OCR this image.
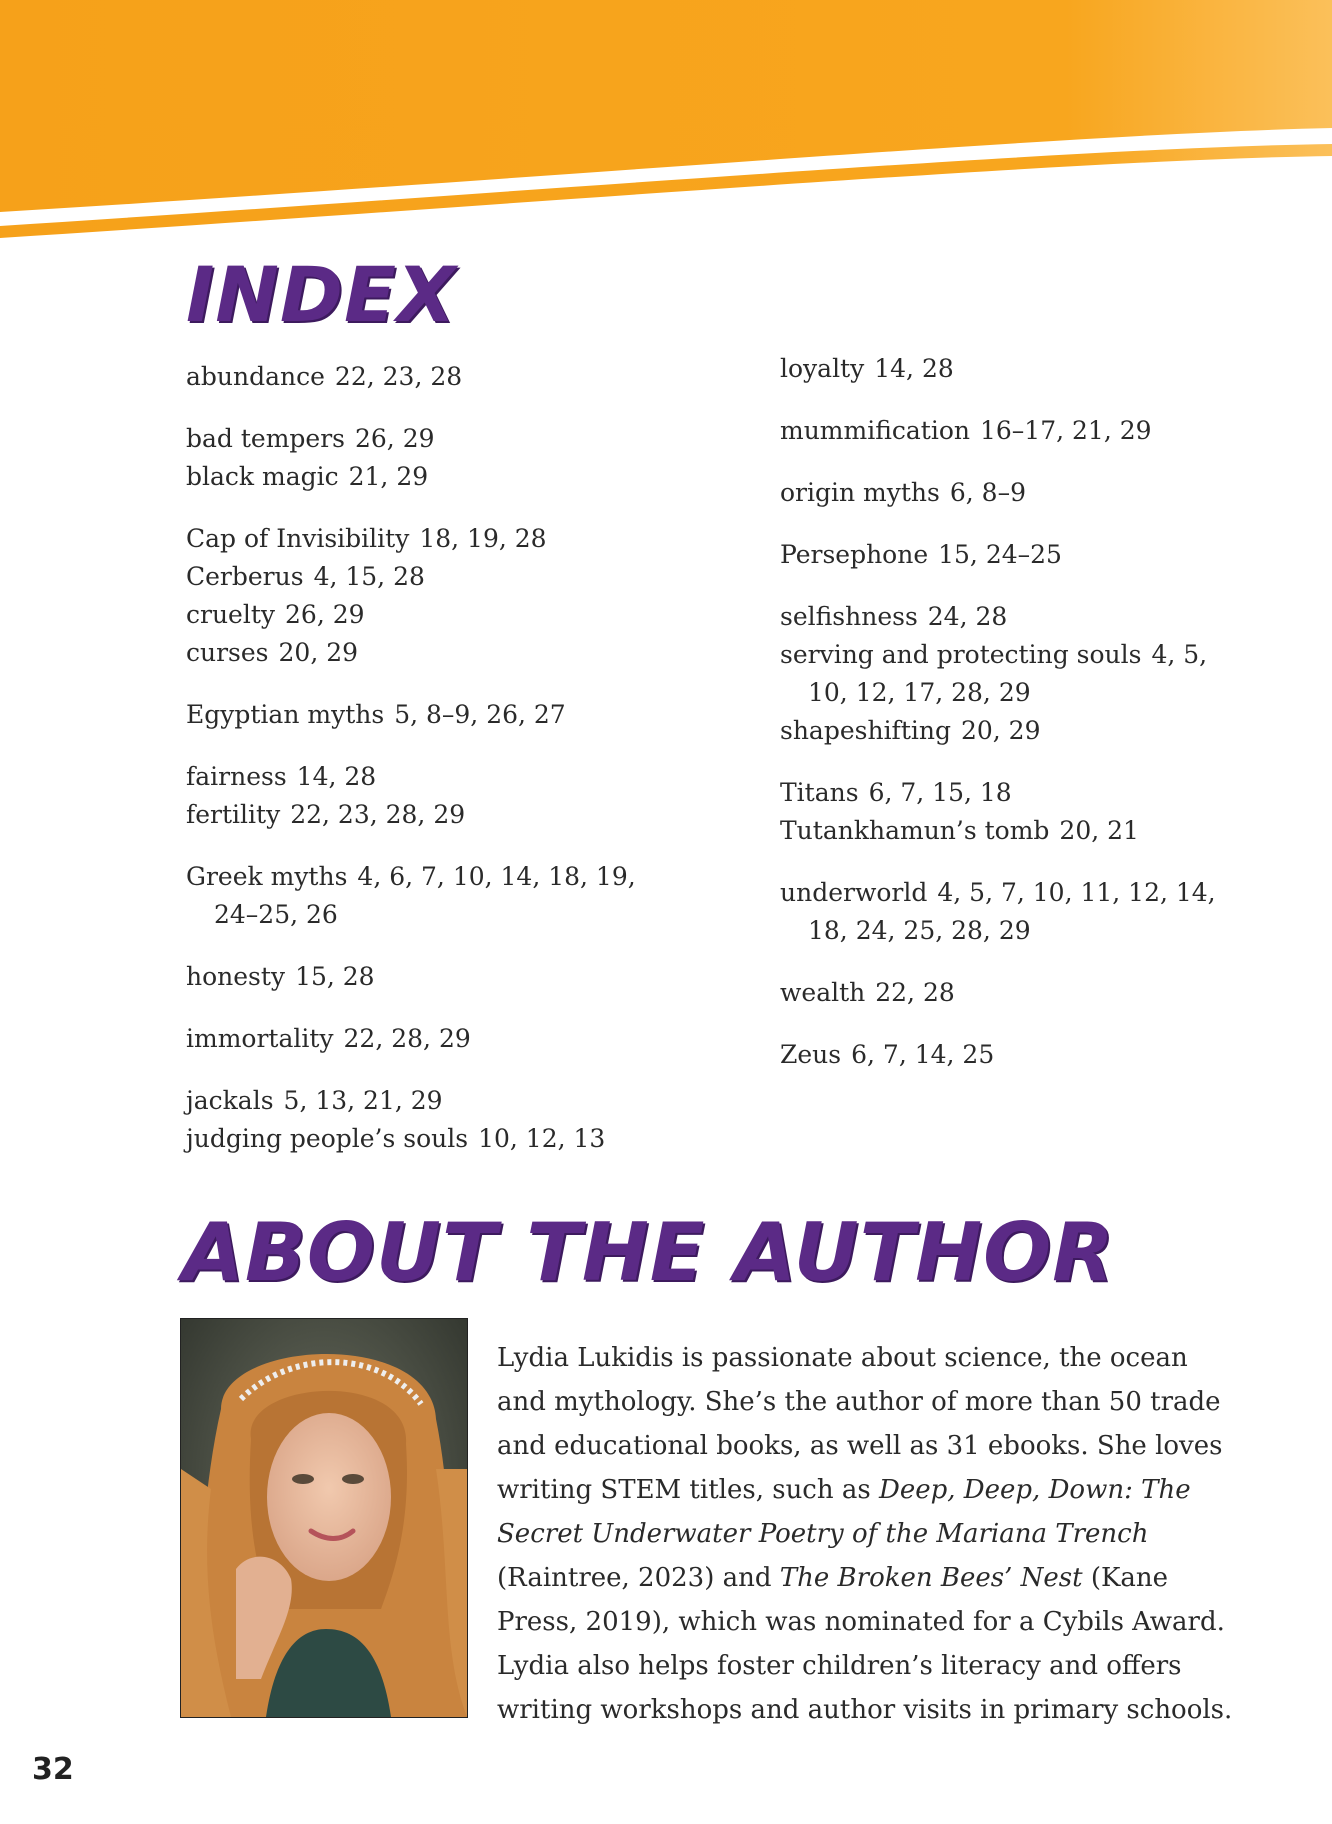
INDEX
abundance 22, 23, 28
bad tempers 26, 29
black magic 21, 29
Cap of Invisibility 18, 19, 28
Cerberus 4, 15, 28
cruelty 26, 29
curses 20, 29
Egyptian myths 5, 8–9, 26, 27
fairness 14, 28
fertility 22, 23, 28, 29
Greek myths 4, 6, 7, 10, 14, 18, 19, 24–25, 26
honesty 15, 28
immortality 22, 28, 29
jackals 5, 13, 21, 29
judging people’s souls 10, 12, 13
loyalty 14, 28
mummification 16–17, 21, 29
origin myths 6, 8–9
Persephone 15, 24–25
selfishness 24, 28
serving and protecting souls 4, 5, 10, 12, 17, 28, 29
shapeshifting 20, 29
Titans 6, 7, 15, 18
Tutankhamun’s tomb 20, 21
underworld 4, 5, 7, 10, 11, 12, 14, 18, 24, 25, 28, 29
wealth 22, 28
Zeus 6, 7, 14, 25
ABOUT THE AUTHOR

Lydia Lukidis is passionate about science, the ocean and mythology. She’s the author of more than 50 trade and educational books, as well as 31 ebooks. She loves writing STEM titles, such as Deep, Deep, Down: The Secret Underwater Poetry of the Mariana Trench (Raintree, 2023) and The Broken Bees’ Nest (Kane Press, 2019), which was nominated for a Cybils Award. Lydia also helps foster children’s literacy and offers writing workshops and author visits in primary schools.

32
